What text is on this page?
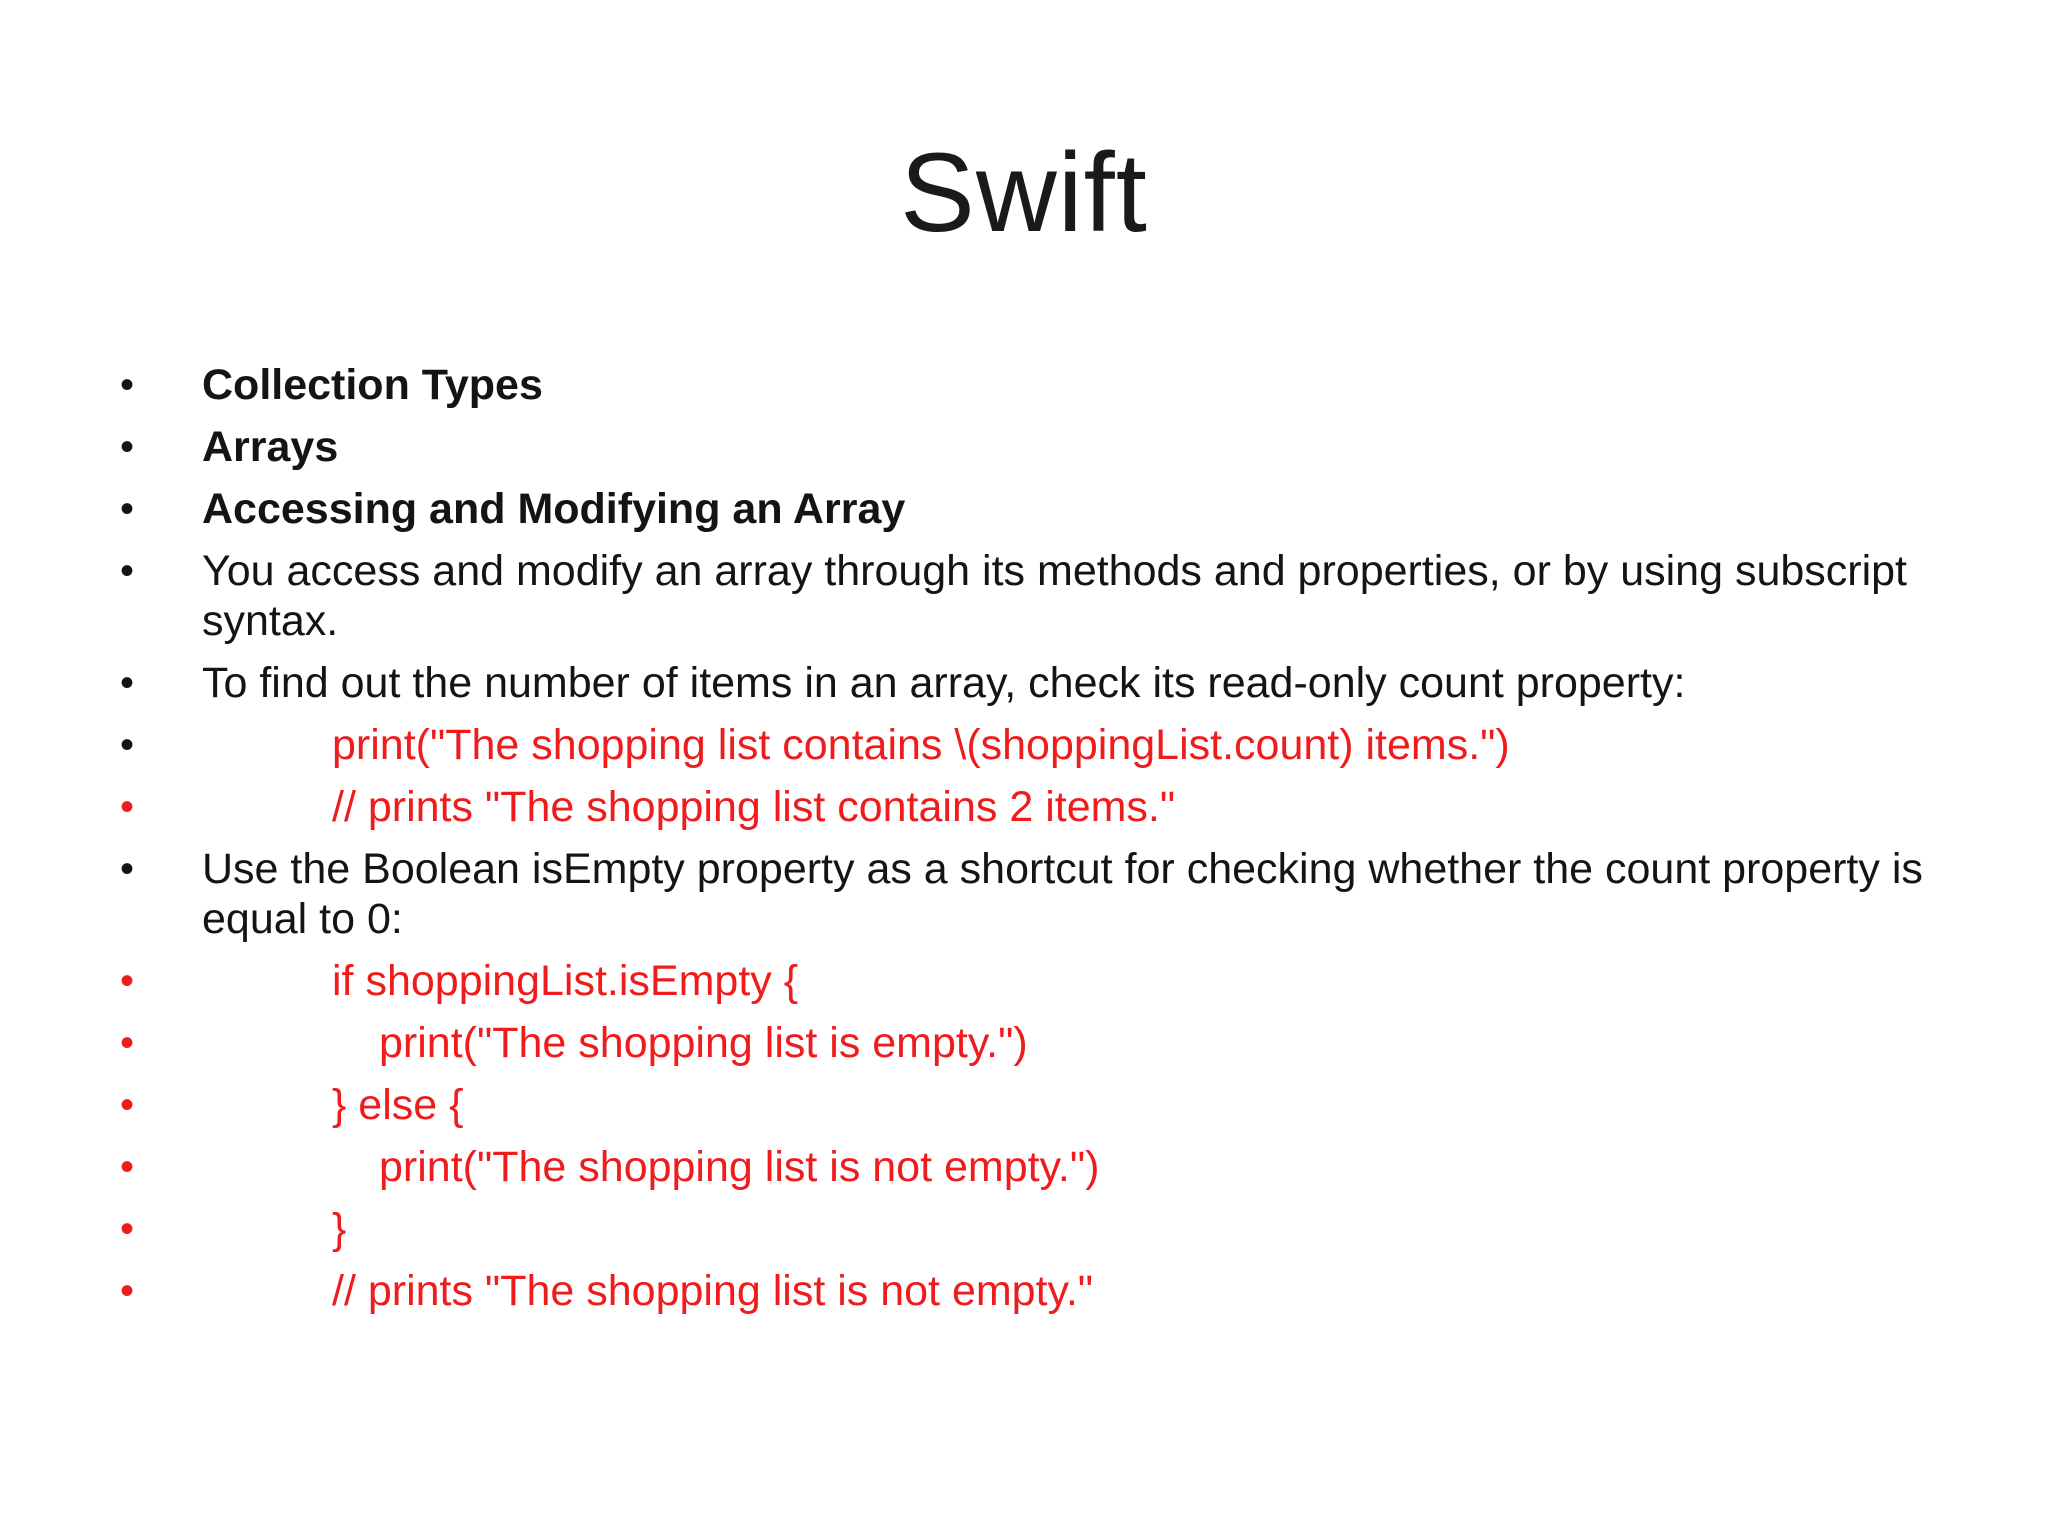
Swift
•	Collection Types
•	Arrays
•	Accessing and Modifying an Array
•	You access and modify an array through its methods and properties, or by using subscript syntax.
•	To find out the number of items in an array, check its read-only count property:
•	print("The shopping list contains \(shoppingList.count) items.")
•	// prints "The shopping list contains 2 items."
•	Use the Boolean isEmpty property as a shortcut for checking whether the count property is equal to 0:
•	if shoppingList.isEmpty {
•	print("The shopping list is empty.")
•	} else {
•	print("The shopping list is not empty.")
•	}
•	// prints "The shopping list is not empty."
